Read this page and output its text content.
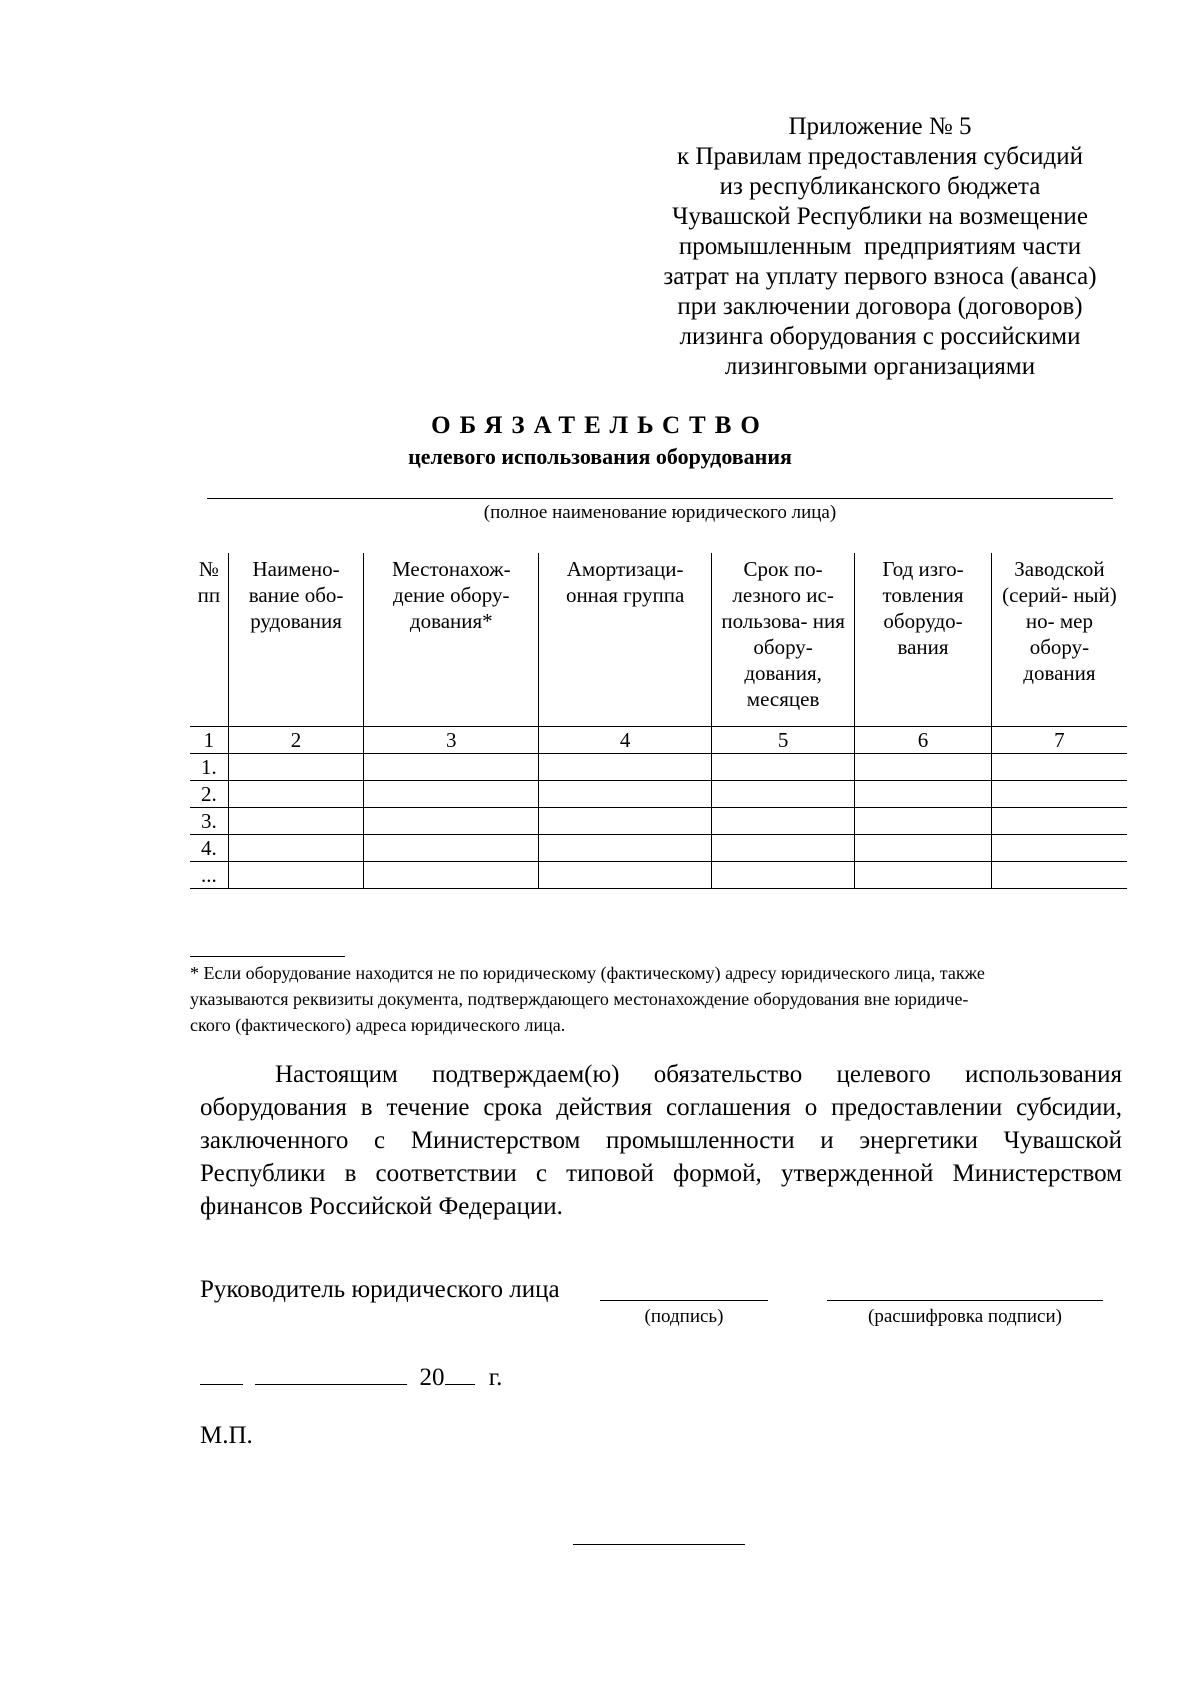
Приложение № 5
к Правилам предоставления субсидий
из республиканского бюджета
Чувашской Республики на возмещение
промышленным  предприятиям части
затрат на уплату первого взноса (аванса)
при заключении договора (договоров)
лизинга оборудования с российскими
лизинговыми организациями
ОБЯЗАТЕЛЬСТВО
целевого использования оборудования
(полное наименование юридического лица)
№ пп	Наимено- вание обо- рудования	Местонахож- дение обору- дования*	Амортизаци- онная группа	Срок по- лезного ис- пользова- ния обору- дования, месяцев	Год изго- товления оборудо- вания	Заводской (серий- ный) но- мер обору- дования
1	2	3	4	5	6	7
1.						
2.						
3.						
4.						
...						
* Если оборудование находится не по юридическому (фактическому) адресу юридического лица, также
указываются реквизиты документа, подтверждающего местонахождение оборудования вне юридиче-
ского (фактического) адреса юридического лица.
Настоящим подтверждаем(ю) обязательство целевого использования оборудования в течение срока действия соглашения о предоставлении субсидии, заключенного с Министерством промышленности и энергетики Чувашской Республики в соответствии с типовой формой, утвержденной Министерством финансов Российской Федерации.
Руководитель юридического лица
(подпись)	(расшифровка подписи)
20 г.
М.П.
